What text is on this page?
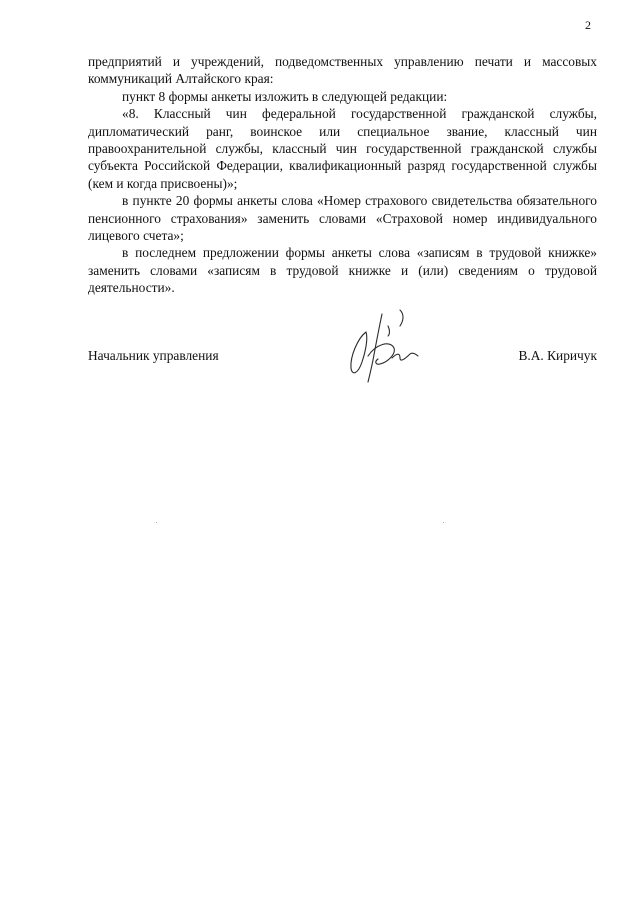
2

предприятий и учреждений, подведомственных управлению печати и массовых коммуникаций Алтайского края:

пункт 8 формы анкеты изложить в следующей редакции:

«8. Классный чин федеральной государственной гражданской службы, дипломатический ранг, воинское или специальное звание, классный чин правоохранительной службы, классный чин государственной гражданской службы субъекта Российской Федерации, квалификационный разряд государственной службы (кем и когда присвоены)»;

в пункте 20 формы анкеты слова «Номер страхового свидетельства обязательного пенсионного страхования» заменить словами «Страховой номер индивидуального лицевого счета»;

в последнем предложении формы анкеты слова «записям в трудовой книжке» заменить словами «записям в трудовой книжке и (или) сведениям о трудовой деятельности».

Начальник управления	В.А. Киричук
